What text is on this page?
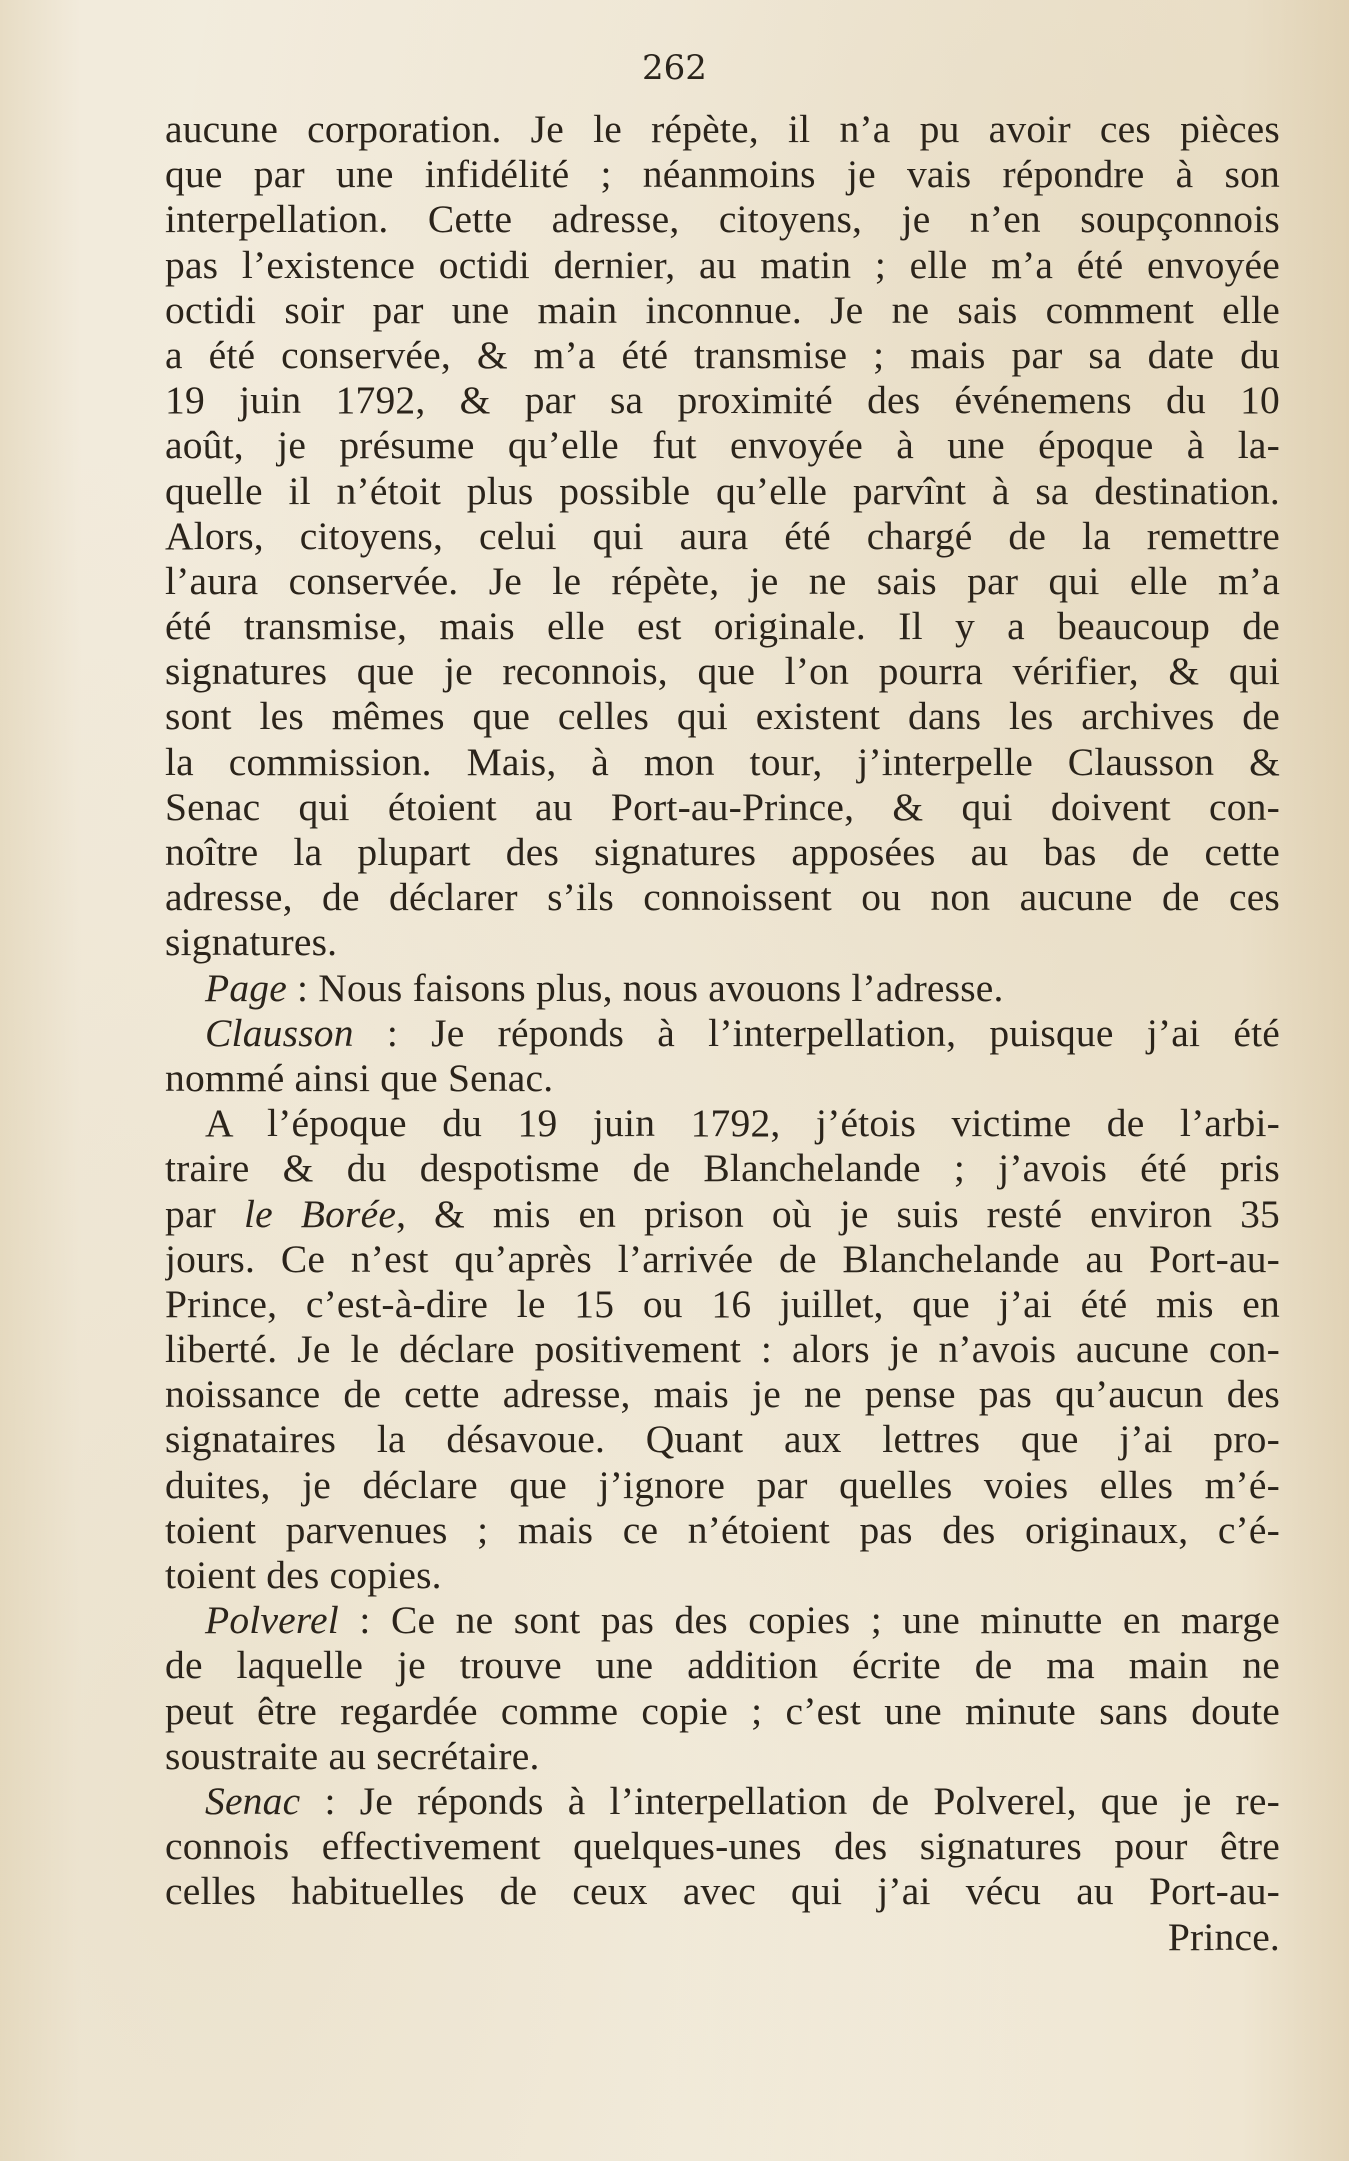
262
aucune corporation. Je le répète, il n’a pu avoir ces pièces
que par une infidélité ; néanmoins je vais répondre à son
interpellation. Cette adresse, citoyens, je n’en soupçonnois
pas l’existence octidi dernier, au matin ; elle m’a été envoyée
octidi soir par une main inconnue. Je ne sais comment elle
a été conservée, & m’a été transmise ; mais par sa date du
19 juin 1792, & par sa proximité des événemens du 10
août, je présume qu’elle fut envoyée à une époque à la-
quelle il n’étoit plus possible qu’elle parvînt à sa destination.
Alors, citoyens, celui qui aura été chargé de la remettre
l’aura conservée. Je le répète, je ne sais par qui elle m’a
été transmise, mais elle est originale. Il y a beaucoup de
signatures que je reconnois, que l’on pourra vérifier, & qui
sont les mêmes que celles qui existent dans les archives de
la commission. Mais, à mon tour, j’interpelle Clausson &
Senac qui étoient au Port-au-Prince, & qui doivent con-
noître la plupart des signatures apposées au bas de cette
adresse, de déclarer s’ils connoissent ou non aucune de ces
signatures.
Page : Nous faisons plus, nous avouons l’adresse.
Clausson : Je réponds à l’interpellation, puisque j’ai été
nommé ainsi que Senac.
A l’époque du 19 juin 1792, j’étois victime de l’arbi-
traire & du despotisme de Blanchelande ; j’avois été pris
par le Borée, & mis en prison où je suis resté environ 35
jours. Ce n’est qu’après l’arrivée de Blanchelande au Port-au-
Prince, c’est-à-dire le 15 ou 16 juillet, que j’ai été mis en
liberté. Je le déclare positivement : alors je n’avois aucune con-
noissance de cette adresse, mais je ne pense pas qu’aucun des
signataires la désavoue. Quant aux lettres que j’ai pro-
duites, je déclare que j’ignore par quelles voies elles m’é-
toient parvenues ; mais ce n’étoient pas des originaux, c’é-
toient des copies.
Polverel : Ce ne sont pas des copies ; une minutte en marge
de laquelle je trouve une addition écrite de ma main ne
peut être regardée comme copie ; c’est une minute sans doute
soustraite au secrétaire.
Senac : Je réponds à l’interpellation de Polverel, que je re-
connois effectivement quelques-unes des signatures pour être
celles habituelles de ceux avec qui j’ai vécu au Port-au-
Prince.
